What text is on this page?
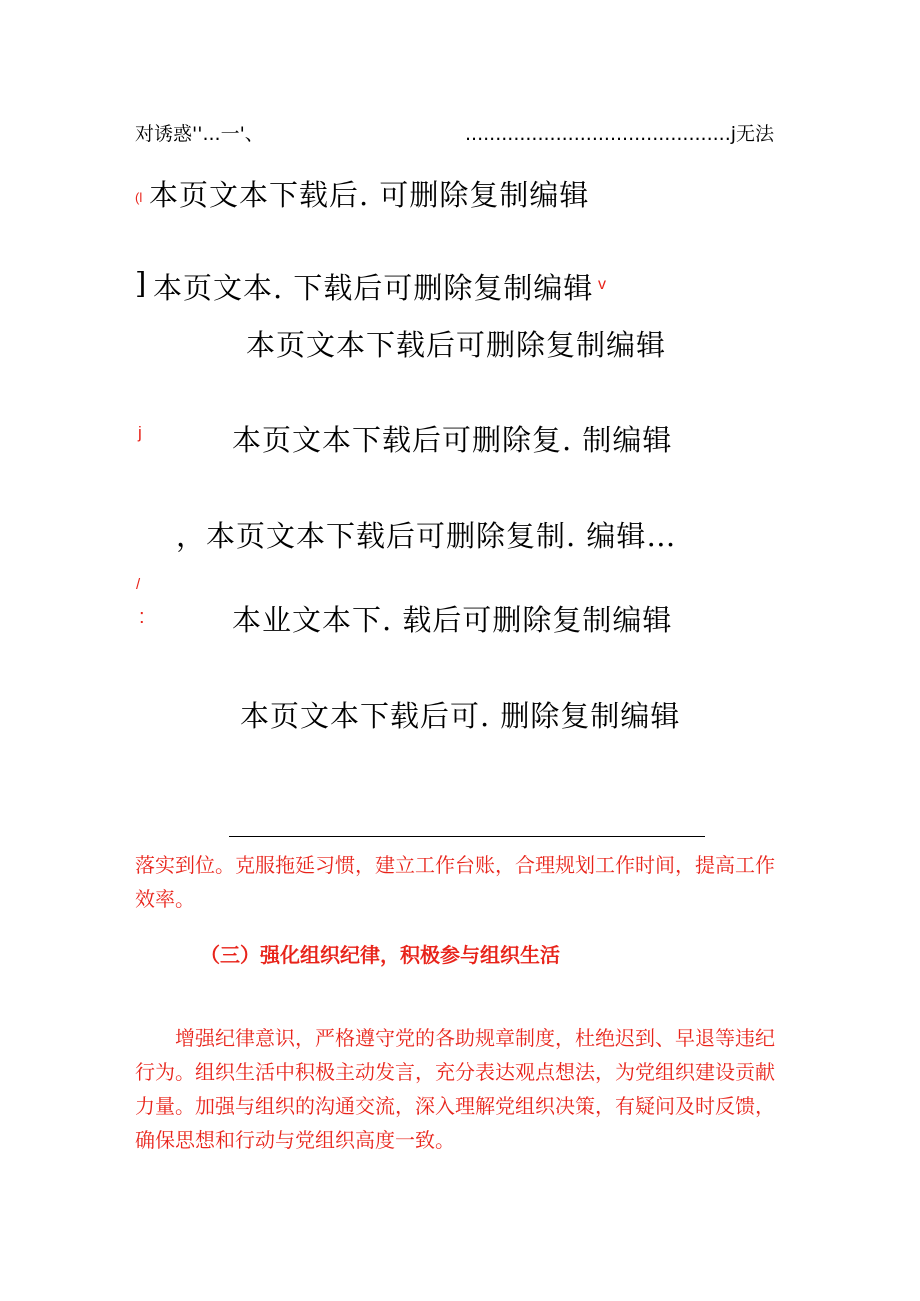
对诱惑''...一'、	............................................j无法
(l 本页文本下载后. 可删除复制编辑
] 本页文本. 下载后可删除复制编辑 v
本页文本下载后可删除复制编辑
j	本页文本下载后可删除复. 制编辑
，本页文本下载后可删除复制. 编辑…
/
:	本业文本下. 载后可删除复制编辑
本页文本下载后可. 删除复制编辑
落实到位。克服拖延习惯，建立工作台账，合理规划工作时间，提高工作效率。
（三）强化组织纪律，积极参与组织生活
增强纪律意识，严格遵守党的各助规章制度，杜绝迟到、早退等违纪行为。组织生活中积极主动发言，充分表达观点想法，为党组织建设贡献力量。加强与组织的沟通交流，深入理解党组织决策，有疑问及时反馈，确保思想和行动与党组织高度一致。
